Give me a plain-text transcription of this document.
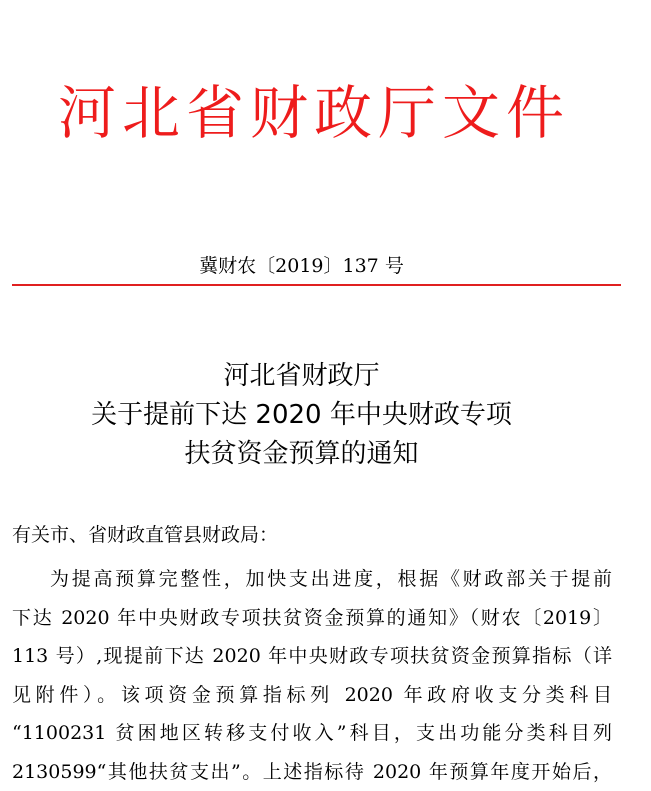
河北省财政厅文件
冀财农〔2019〕137 号
河北省财政厅
关于提前下达 2020 年中央财政专项
扶贫资金预算的通知
有关市、省财政直管县财政局：
为提高预算完整性，加快支出进度，根据《财政部关于提前
下达 2020 年中央财政专项扶贫资金预算的通知》（财农〔2019〕
113 号）,现提前下达 2020 年中央财政专项扶贫资金预算指标（详
见附件）。该项资金预算指标列 2020 年政府收支分类科目
“1100231 贫困地区转移支付收入”科目，支出功能分类科目列
2130599“其他扶贫支出”。上述指标待 2020 年预算年度开始后，
